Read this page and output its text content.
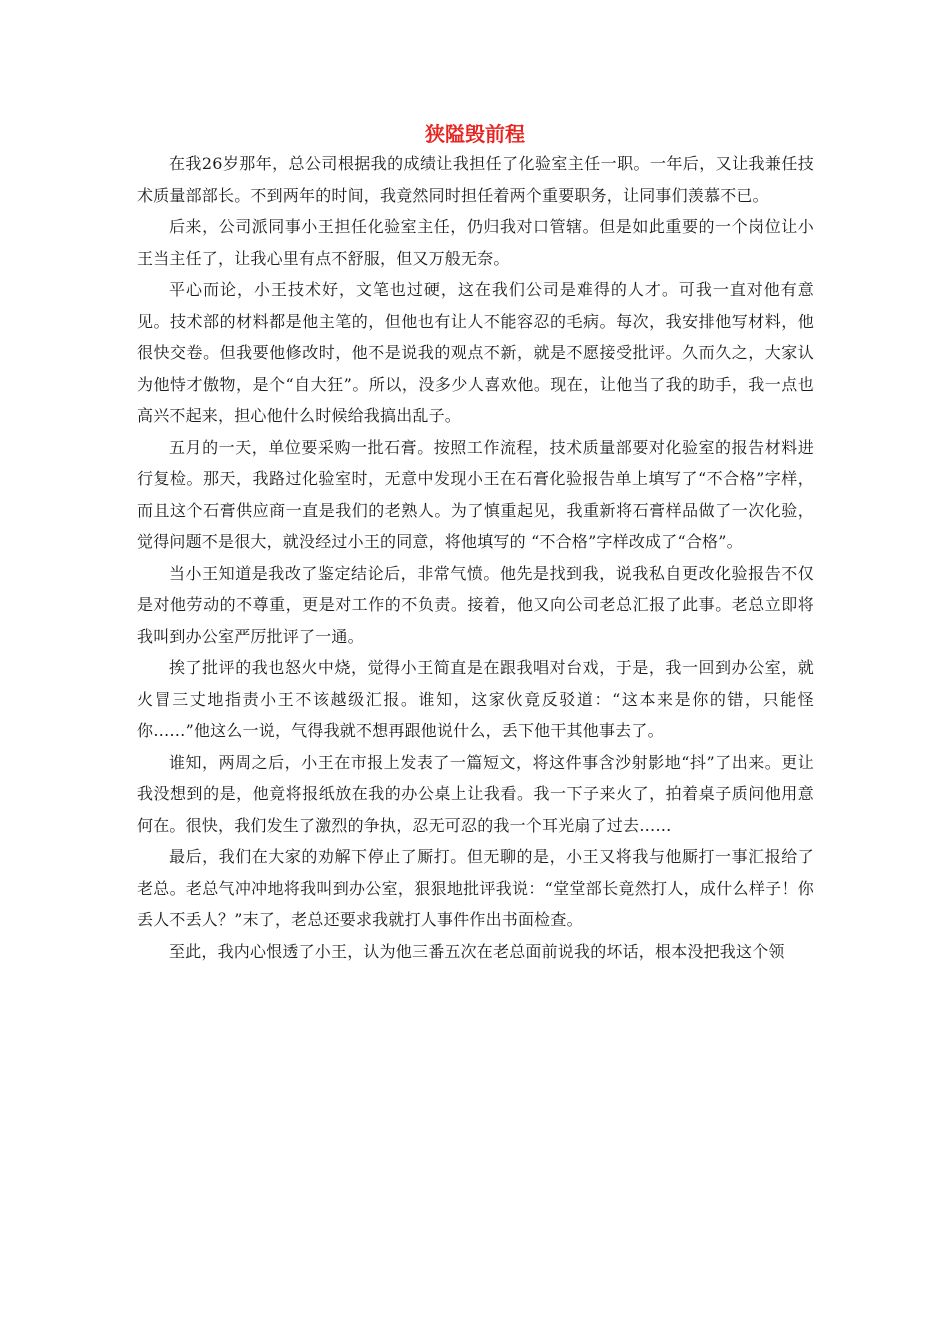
狭隘毁前程

在我26岁那年，总公司根据我的成绩让我担任了化验室主任一职。一年后，又让我兼任技术质量部部长。不到两年的时间，我竟然同时担任着两个重要职务，让同事们羡慕不已。

后来，公司派同事小王担任化验室主任，仍归我对口管辖。但是如此重要的一个岗位让小王当主任了，让我心里有点不舒服，但又万般无奈。

平心而论，小王技术好，文笔也过硬，这在我们公司是难得的人才。可我一直对他有意见。技术部的材料都是他主笔的，但他也有让人不能容忍的毛病。每次，我安排他写材料，他很快交卷。但我要他修改时，他不是说我的观点不新，就是不愿接受批评。久而久之，大家认为他恃才傲物，是个“自大狂”。所以，没多少人喜欢他。现在，让他当了我的助手，我一点也高兴不起来，担心他什么时候给我搞出乱子。

五月的一天，单位要采购一批石膏。按照工作流程，技术质量部要对化验室的报告材料进行复检。那天，我路过化验室时，无意中发现小王在石膏化验报告单上填写了“不合格”字样，而且这个石膏供应商一直是我们的老熟人。为了慎重起见，我重新将石膏样品做了一次化验，觉得问题不是很大，就没经过小王的同意，将他填写的 “不合格”字样改成了“合格”。

当小王知道是我改了鉴定结论后，非常气愤。他先是找到我，说我私自更改化验报告不仅是对他劳动的不尊重，更是对工作的不负责。接着，他又向公司老总汇报了此事。老总立即将我叫到办公室严厉批评了一通。

挨了批评的我也怒火中烧，觉得小王简直是在跟我唱对台戏，于是，我一回到办公室，就火冒三丈地指责小王不该越级汇报。谁知，这家伙竟反驳道：“这本来是你的错，只能怪你……”他这么一说，气得我就不想再跟他说什么，丢下他干其他事去了。

谁知，两周之后，小王在市报上发表了一篇短文，将这件事含沙射影地“抖”了出来。更让我没想到的是，他竟将报纸放在我的办公桌上让我看。我一下子来火了，拍着桌子质问他用意何在。很快，我们发生了激烈的争执，忍无可忍的我一个耳光扇了过去……

最后，我们在大家的劝解下停止了厮打。但无聊的是，小王又将我与他厮打一事汇报给了老总。老总气冲冲地将我叫到办公室，狠狠地批评我说：“堂堂部长竟然打人，成什么样子！你丢人不丢人？”末了，老总还要求我就打人事件作出书面检查。

至此，我内心恨透了小王，认为他三番五次在老总面前说我的坏话，根本没把我这个领
